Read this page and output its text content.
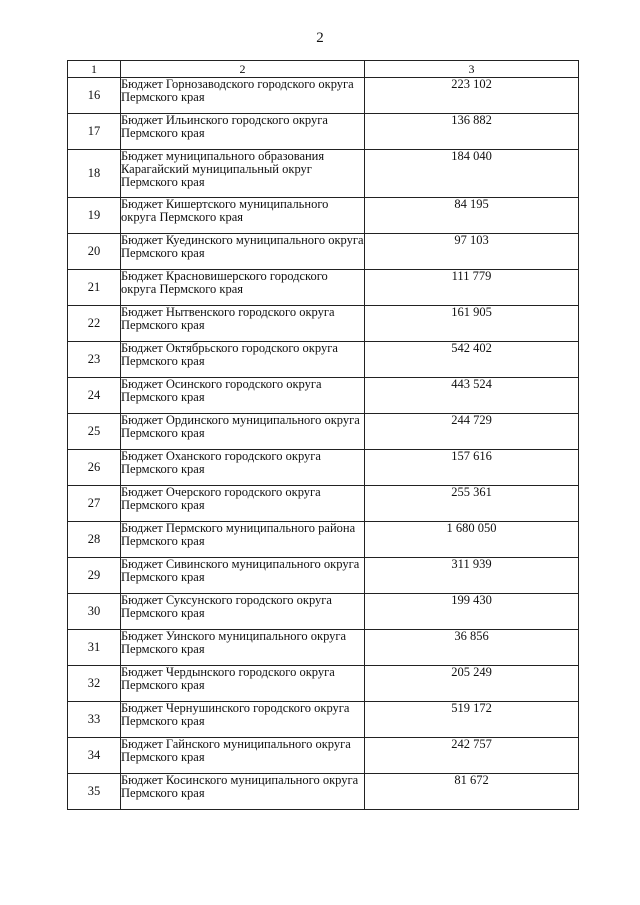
2
1	2	3
16	Бюджет Горнозаводского городского округа Пермского края	223 102
17	Бюджет Ильинского городского округа Пермского края	136 882
18	Бюджет муниципального образования Карагайский муниципальный округ Пермского края	184 040
19	Бюджет Кишертского муниципального округа Пермского края	84 195
20	Бюджет Куединского муниципального округа Пермского края	97 103
21	Бюджет Красновишерского городского округа Пермского края	111 779
22	Бюджет Нытвенского городского округа Пермского края	161 905
23	Бюджет Октябрьского городского округа Пермского края	542 402
24	Бюджет Осинского городского округа Пермского края	443 524
25	Бюджет Ординского муниципального округа Пермского края	244 729
26	Бюджет Оханского городского округа Пермского края	157 616
27	Бюджет Очерского городского округа Пермского края	255 361
28	Бюджет Пермского муниципального района Пермского края	1 680 050
29	Бюджет Сивинского муниципального округа Пермского края	311 939
30	Бюджет Суксунского городского округа Пермского края	199 430
31	Бюджет Уинского муниципального округа Пермского края	36 856
32	Бюджет Чердынского городского округа Пермского края	205 249
33	Бюджет Чернушинского городского округа Пермского края	519 172
34	Бюджет Гайнского муниципального округа Пермского края	242 757
35	Бюджет Косинского муниципального округа Пермского края	81 672
